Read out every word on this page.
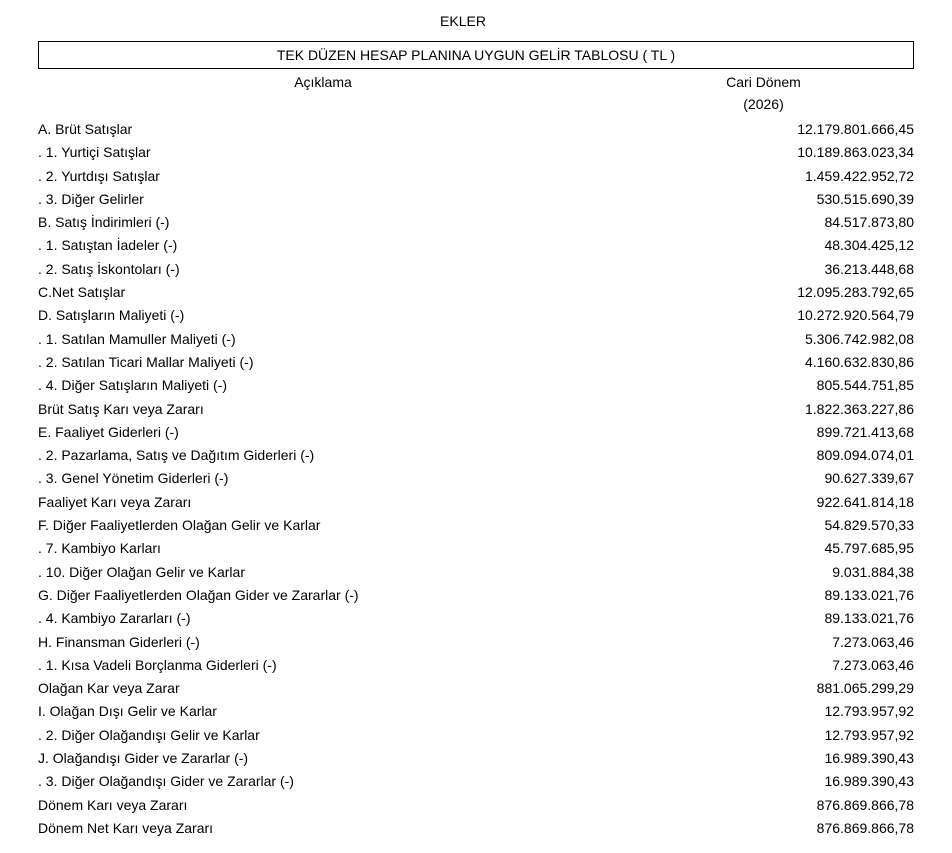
EKLER
TEK DÜZEN HESAP PLANINA UYGUN GELİR TABLOSU ( TL )
Açıklama	Cari Dönem
(2026)
A. Brüt Satışlar	12.179.801.666,45
. 1. Yurtiçi Satışlar	10.189.863.023,34
. 2. Yurtdışı Satışlar	1.459.422.952,72
. 3. Diğer Gelirler	530.515.690,39
B. Satış İndirimleri (-)	84.517.873,80
. 1. Satıştan İadeler (-)	48.304.425,12
. 2. Satış İskontoları (-)	36.213.448,68
C.Net Satışlar	12.095.283.792,65
D. Satışların Maliyeti (-)	10.272.920.564,79
. 1. Satılan Mamuller Maliyeti (-)	5.306.742.982,08
. 2. Satılan Ticari Mallar Maliyeti (-)	4.160.632.830,86
. 4. Diğer Satışların Maliyeti (-)	805.544.751,85
Brüt Satış Karı veya Zararı	1.822.363.227,86
E. Faaliyet Giderleri (-)	899.721.413,68
. 2. Pazarlama, Satış ve Dağıtım Giderleri (-)	809.094.074,01
. 3. Genel Yönetim Giderleri (-)	90.627.339,67
Faaliyet Karı veya Zararı	922.641.814,18
F. Diğer Faaliyetlerden Olağan Gelir ve Karlar	54.829.570,33
. 7. Kambiyo Karları	45.797.685,95
. 10. Diğer Olağan Gelir ve Karlar	9.031.884,38
G. Diğer Faaliyetlerden Olağan Gider ve Zararlar (-)	89.133.021,76
. 4. Kambiyo Zararları (-)	89.133.021,76
H. Finansman Giderleri (-)	7.273.063,46
. 1. Kısa Vadeli Borçlanma Giderleri (-)	7.273.063,46
Olağan Kar veya Zarar	881.065.299,29
I. Olağan Dışı Gelir ve Karlar	12.793.957,92
. 2. Diğer Olağandışı Gelir ve Karlar	12.793.957,92
J. Olağandışı Gider ve Zararlar (-)	16.989.390,43
. 3. Diğer Olağandışı Gider ve Zararlar (-)	16.989.390,43
Dönem Karı veya Zararı	876.869.866,78
Dönem Net Karı veya Zararı	876.869.866,78
